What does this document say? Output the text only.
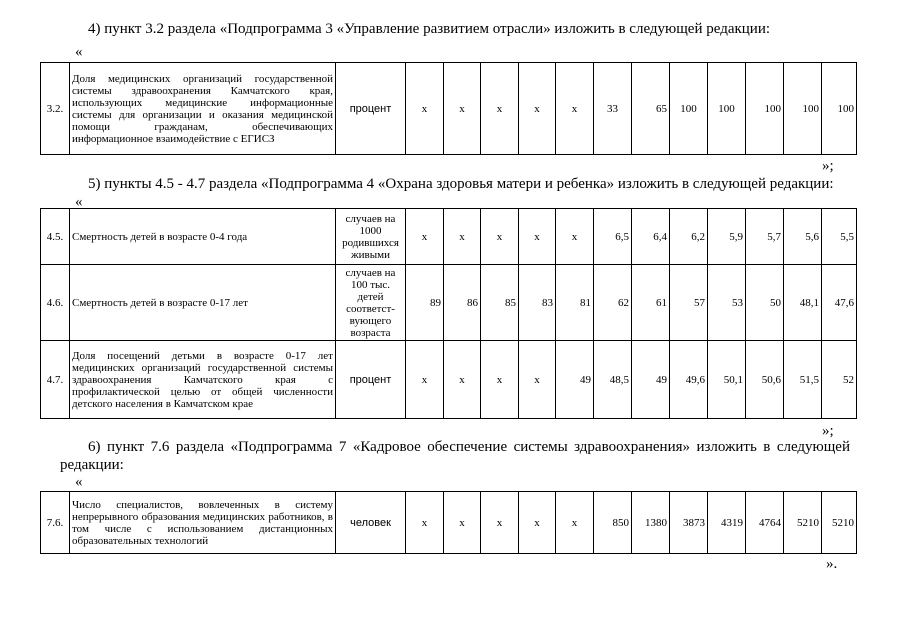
4) пункт 3.2 раздела «Подпрограмма 3 «Управление развитием отрасли» изложить в следующей редакции:
«
3.2.	Доля медицинских организаций государственной системы здравоохранения Камчатского края, использующих медицинские информационные системы для организации и оказания медицинской помощи гражданам, обеспечивающих информационное взаимодействие с ЕГИСЗ	процент	x	x	x	x	x	33	65	100	100	100	100	100
»;
5) пункты 4.5 - 4.7 раздела «Подпрограмма 4 «Охрана здоровья матери и ребенка» изложить в следующей редакции:
«
4.5.	Смертность детей в возрасте 0-4 года	случаев на 1000 родившихся живыми	x	x	x	x	x	6,5	6,4	6,2	5,9	5,7	5,6	5,5
4.6.	Смертность детей в возрасте 0-17 лет	случаев на 100 тыс. детей соответст-вующего возраста	89	86	85	83	81	62	61	57	53	50	48,1	47,6
4.7.	Доля посещений детьми в возрасте 0-17 лет медицинских организаций государственной системы здравоохранения Камчатского края с профилактической целью от общей численности детского населения в Камчатском крае	процент	x	x	x	x	49	48,5	49	49,6	50,1	50,6	51,5	52
»;
6) пункт 7.6 раздела «Подпрограмма 7 «Кадровое обеспечение системы здравоохранения» изложить в следующей редакции:
«
7.6.	Число специалистов, вовлеченных в систему непрерывного образования медицинских работников, в том числе с использованием дистанционных образовательных технологий	человек	x	x	x	x	x	850	1380	3873	4319	4764	5210	5210
».
